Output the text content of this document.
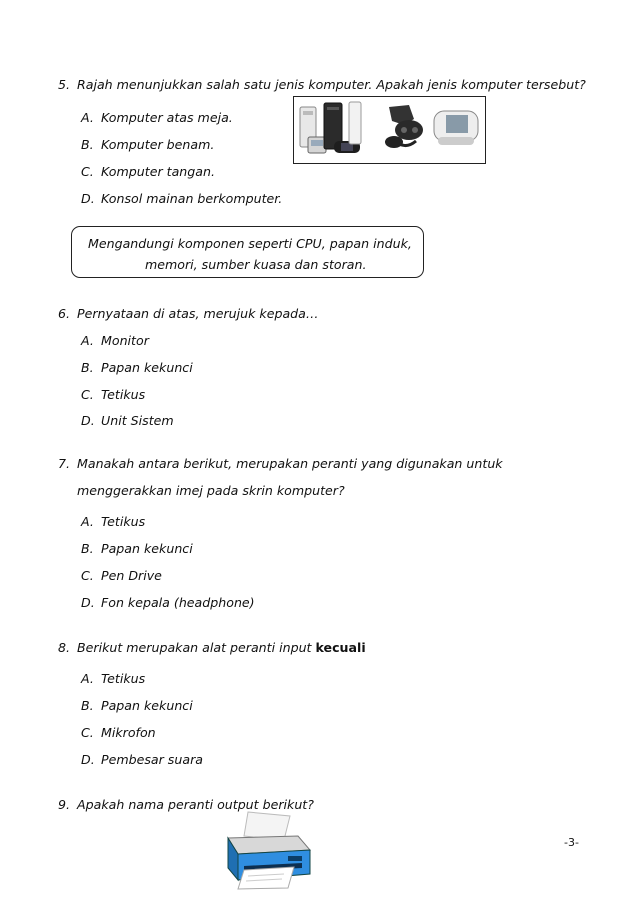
5. Rajah menunjukkan salah satu jenis komputer. Apakah jenis komputer tersebut?
A. Komputer atas meja.
B. Komputer benam.
C. Komputer tangan.
D. Konsol mainan berkomputer.
Mengandungi komponen seperti CPU, papan induk,
memori, sumber kuasa dan storan.
6. Pernyataan di atas, merujuk kepada…
A. Monitor
B. Papan kekunci
C. Tetikus
D. Unit Sistem
7. Manakah antara berikut, merupakan peranti yang digunakan untuk
menggerakkan imej pada skrin komputer?
A. Tetikus
B. Papan kekunci
C. Pen Drive
D. Fon kepala (headphone)
8. Berikut merupakan alat peranti input kecuali
A. Tetikus
B. Papan kekunci
C. Mikrofon
D. Pembesar suara
9. Apakah nama peranti output berikut?
-3-
